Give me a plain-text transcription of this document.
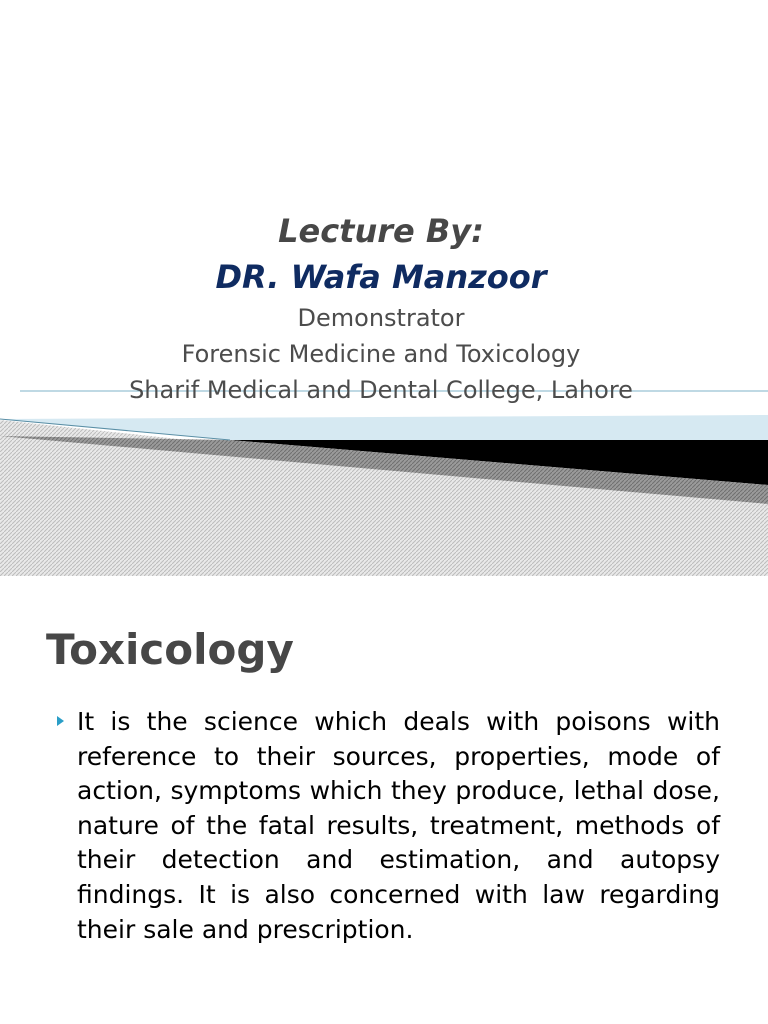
Lecture By:
DR. Wafa Manzoor
Demonstrator
Forensic Medicine and Toxicology
Sharif Medical and Dental College, Lahore
Toxicology

It is the science which deals with poisons with reference to their sources, properties, mode of action, symptoms which they produce, lethal dose, nature of the fatal results, treatment, methods of their detection and estimation, and autopsy findings. It is also concerned with law regarding their sale and prescription.
